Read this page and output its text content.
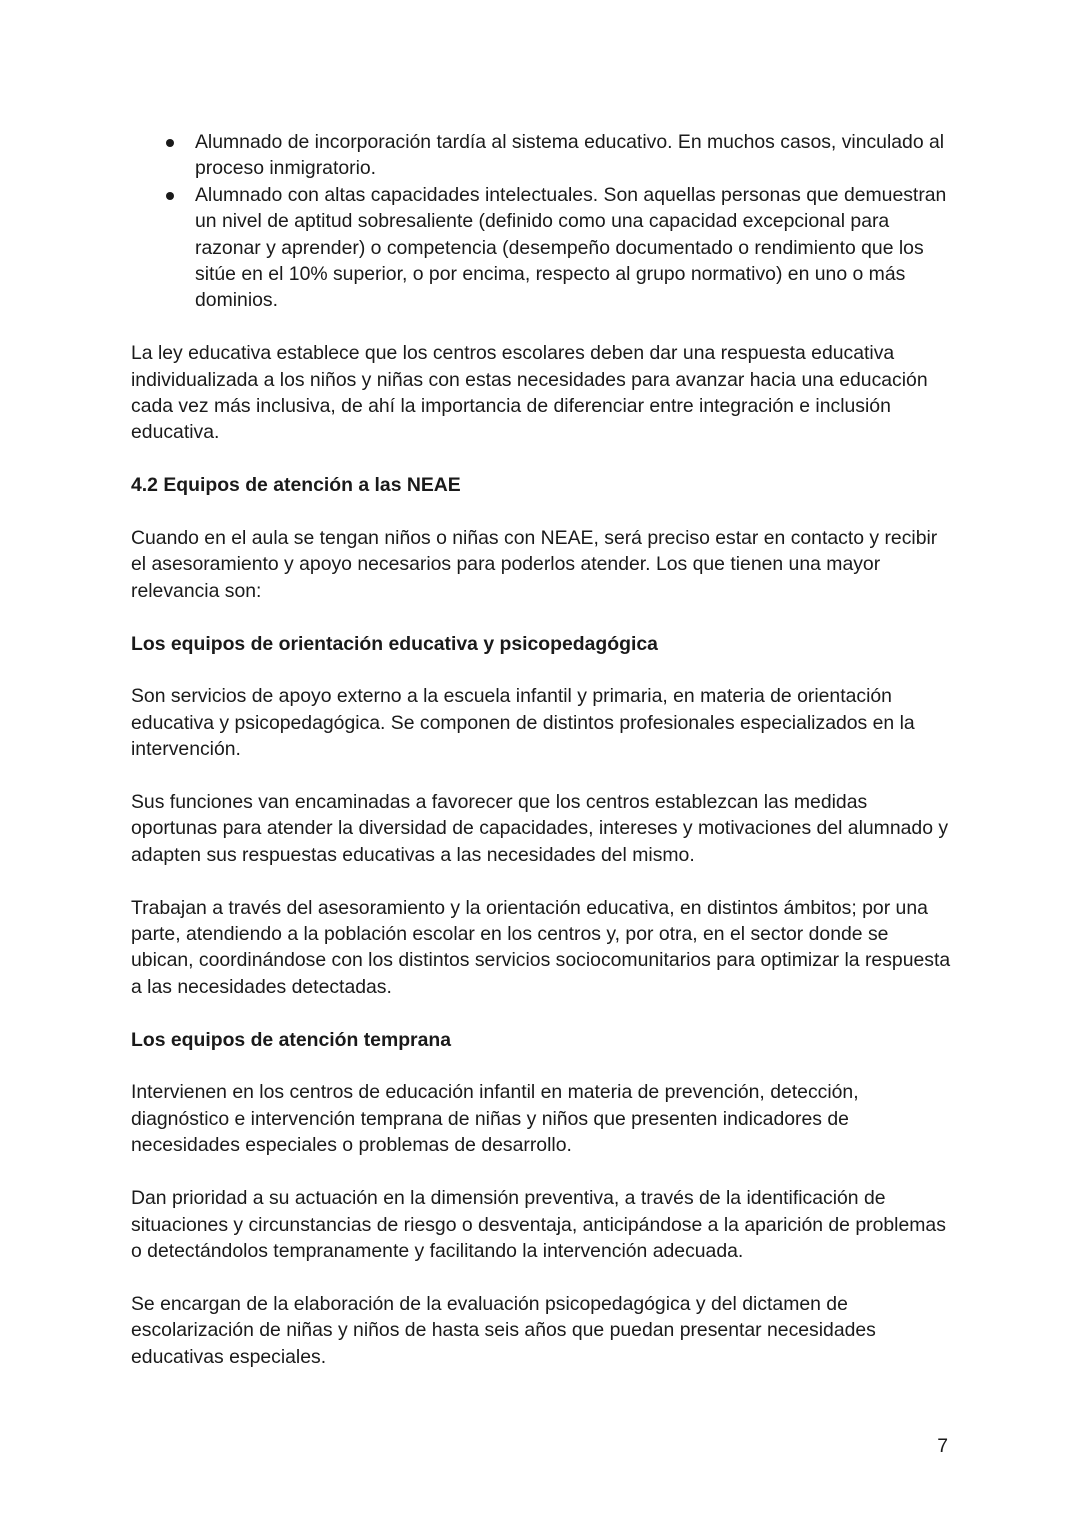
Alumnado de incorporación tardía al sistema educativo. En muchos casos, vinculado al proceso inmigratorio.
Alumnado con altas capacidades intelectuales. Son aquellas personas que demuestran un nivel de aptitud sobresaliente (definido como una capacidad excepcional para razonar y aprender) o competencia (desempeño documentado o rendimiento que los sitúe en el 10% superior, o por encima, respecto al grupo normativo) en uno o más dominios.

La ley educativa establece que los centros escolares deben dar una respuesta educativa individualizada a los niños y niñas con estas necesidades para avanzar hacia una educación cada vez más inclusiva, de ahí la importancia de diferenciar entre integración e inclusión educativa.

4.2 Equipos de atención a las NEAE

Cuando en el aula se tengan niños o niñas con NEAE, será preciso estar en contacto y recibir el asesoramiento y apoyo necesarios para poderlos atender. Los que tienen una mayor relevancia son:

Los equipos de orientación educativa y psicopedagógica

Son servicios de apoyo externo a la escuela infantil y primaria, en materia de orientación educativa y psicopedagógica. Se componen de distintos profesionales especializados en la intervención.

Sus funciones van encaminadas a favorecer que los centros establezcan las medidas oportunas para atender la diversidad de capacidades, intereses y motivaciones del alumnado y adapten sus respuestas educativas a las necesidades del mismo.

Trabajan a través del asesoramiento y la orientación educativa, en distintos ámbitos; por una parte, atendiendo a la población escolar en los centros y, por otra, en el sector donde se ubican, coordinándose con los distintos servicios sociocomunitarios para optimizar la respuesta a las necesidades detectadas.

Los equipos de atención temprana

Intervienen en los centros de educación infantil en materia de prevención, detección, diagnóstico e intervención temprana de niñas y niños que presenten indicadores de necesidades especiales o problemas de desarrollo.

Dan prioridad a su actuación en la dimensión preventiva, a través de la identificación de situaciones y circunstancias de riesgo o desventaja, anticipándose a la aparición de problemas o detectándolos tempranamente y facilitando la intervención adecuada.

Se encargan de la elaboración de la evaluación psicopedagógica y del dictamen de escolarización de niñas y niños de hasta seis años que puedan presentar necesidades educativas especiales.

7
